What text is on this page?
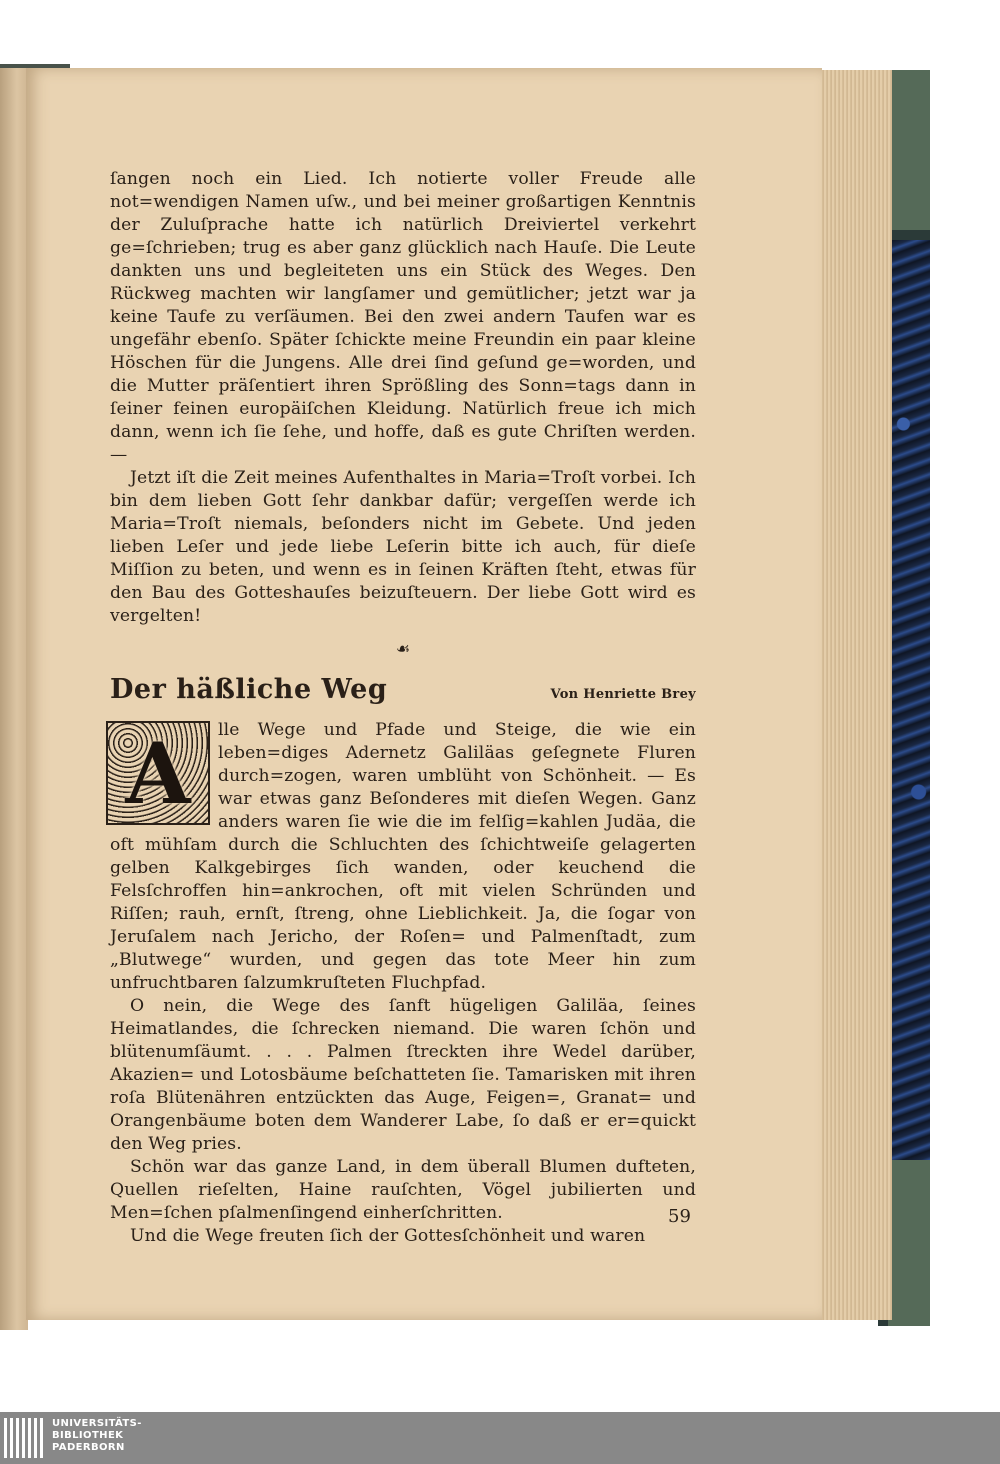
ſangen noch ein Lied. Ich notierte voller Freude alle not=wendigen Namen uſw., und bei meiner großartigen Kenntnis der Zuluſprache hatte ich natürlich Dreiviertel verkehrt ge=ſchrieben; trug es aber ganz glücklich nach Hauſe. Die Leute dankten uns und begleiteten uns ein Stück des Weges. Den Rückweg machten wir langſamer und gemütlicher; jetzt war ja keine Taufe zu verſäumen. Bei den zwei andern Taufen war es ungefähr ebenſo. Später ſchickte meine Freundin ein paar kleine Höschen für die Jungens. Alle drei ſind geſund ge=worden, und die Mutter präſentiert ihren Sprößling des Sonn=tags dann in ſeiner feinen europäiſchen Kleidung. Natürlich freue ich mich dann, wenn ich ſie ſehe, und hoffe, daß es gute Chriſten werden. —

Jetzt iſt die Zeit meines Aufenthaltes in Maria=Troſt vorbei. Ich bin dem lieben Gott ſehr dankbar dafür; vergeſſen werde ich Maria=Troſt niemals, beſonders nicht im Gebete. Und jeden lieben Leſer und jede liebe Leſerin bitte ich auch, für dieſe Miſſion zu beten, und wenn es in ſeinen Kräften ſteht, etwas für den Bau des Gotteshauſes beizuſteuern. Der liebe Gott wird es vergelten!

☙
Der häßliche Weg	Von Henriette Brey
A	lle Wege und Pfade und Steige, die wie ein leben=diges Adernetz Galiläas geſegnete Fluren durch=zogen, waren umblüht von Schönheit. — Es war etwas ganz Beſonderes mit dieſen Wegen. Ganz anders waren ſie wie die im felſig=kahlen Judäa, die oft mühſam durch die Schluchten des ſchichtweiſe gelagerten gelben Kalkgebirges ſich wanden, oder keuchend die Felsſchroffen hin=ankrochen, oft mit vielen Schründen und Riſſen; rauh, ernſt, ſtreng, ohne Lieblichkeit. Ja, die ſogar von Jeruſalem nach Jericho, der Roſen= und Palmenſtadt, zum „Blutwege“ wurden, und gegen das tote Meer hin zum unfruchtbaren ſalzumkruſteten Fluchpfad.

O nein, die Wege des ſanft hügeligen Galiläa, ſeines Heimatlandes, die ſchrecken niemand. Die waren ſchön und blütenumſäumt. . . . Palmen ſtreckten ihre Wedel darüber, Akazien= und Lotosbäume beſchatteten ſie. Tamarisken mit ihren roſa Blütenähren entzückten das Auge, Feigen=, Granat= und Orangenbäume boten dem Wanderer Labe, ſo daß er er=quickt den Weg pries.

Schön war das ganze Land, in dem überall Blumen dufteten, Quellen rieſelten, Haine rauſchten, Vögel jubilierten und Men=ſchen pſalmenſingend einherſchritten.

Und die Wege freuten ſich der Gottesſchönheit und waren

59
UNIVERSITÄTS-
BIBLIOTHEK
PADERBORN
